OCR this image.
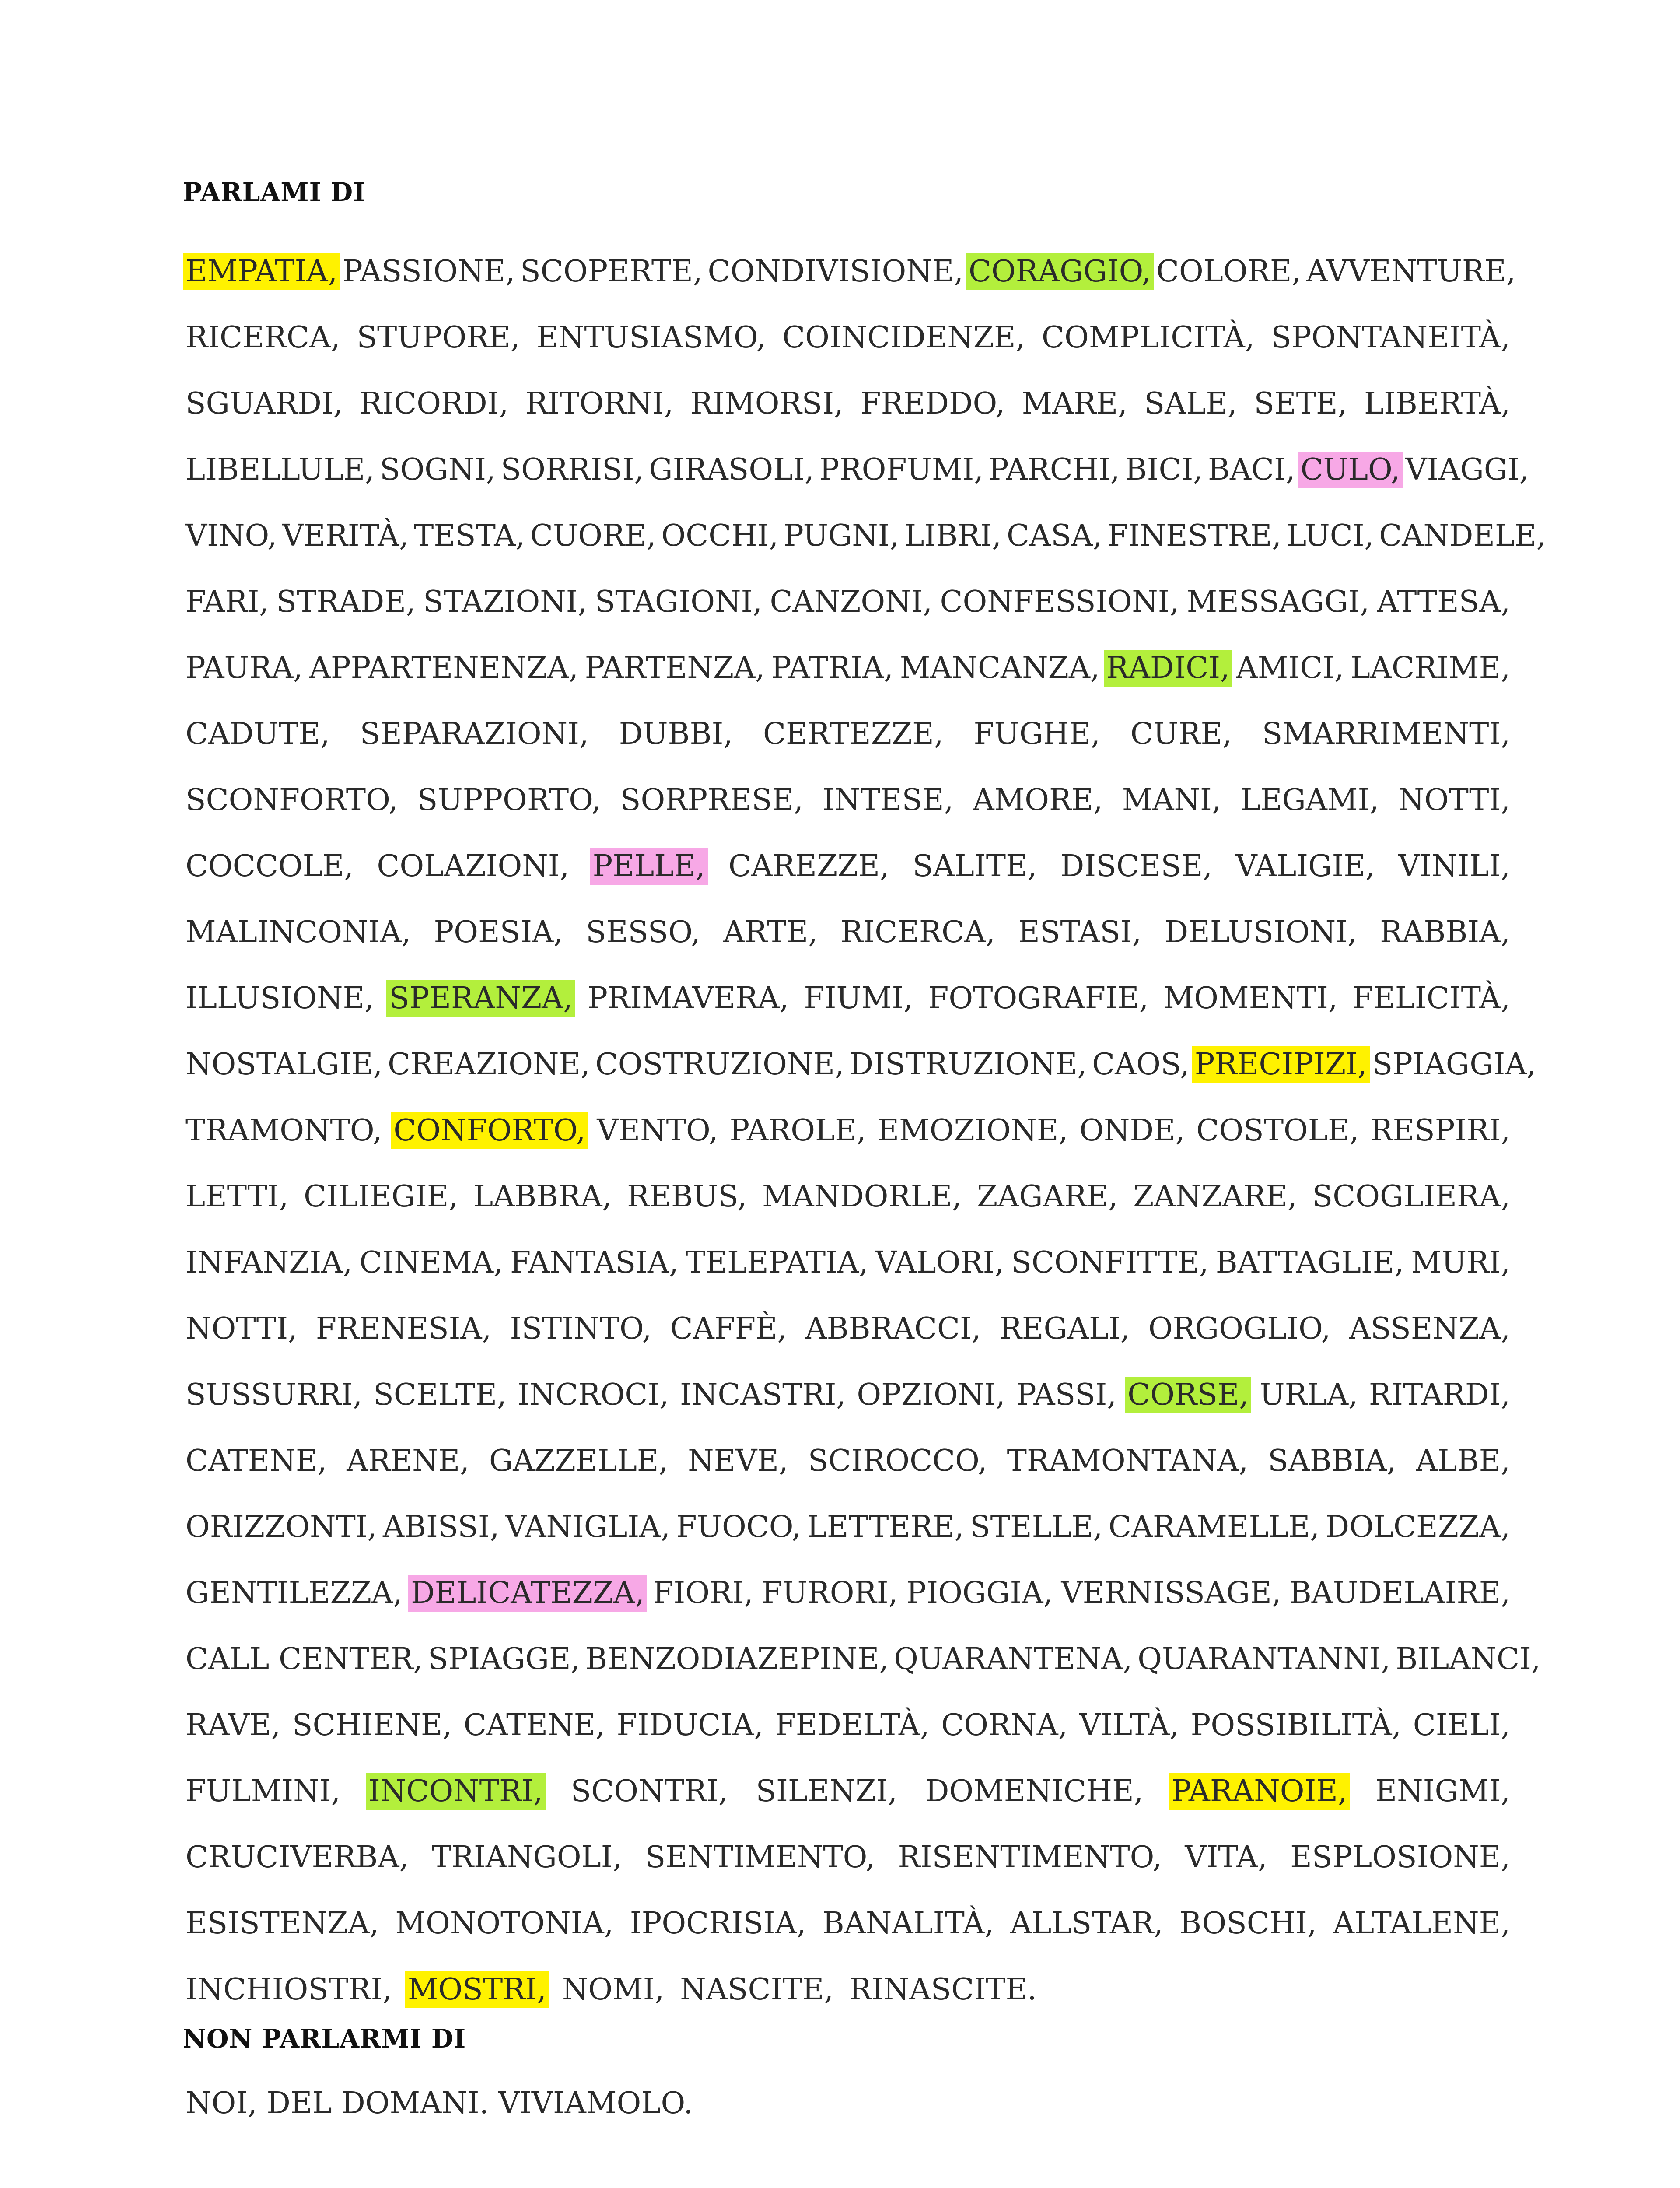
PARLAMI DI
EMPATIA, PASSIONE, SCOPERTE, CONDIVISIONE, CORAGGIO, COLORE, AVVENTURE,
RICERCA, STUPORE, ENTUSIASMO, COINCIDENZE, COMPLICITÀ, SPONTANEITÀ,
SGUARDI, RICORDI, RITORNI, RIMORSI, FREDDO, MARE, SALE, SETE, LIBERTÀ,
LIBELLULE, SOGNI, SORRISI, GIRASOLI, PROFUMI, PARCHI, BICI, BACI, CULO, VIAGGI,
VINO, VERITÀ, TESTA, CUORE, OCCHI, PUGNI, LIBRI, CASA, FINESTRE, LUCI, CANDELE,
FARI, STRADE, STAZIONI, STAGIONI, CANZONI, CONFESSIONI, MESSAGGI, ATTESA,
PAURA, APPARTENENZA, PARTENZA, PATRIA, MANCANZA, RADICI, AMICI, LACRIME,
CADUTE, SEPARAZIONI, DUBBI, CERTEZZE, FUGHE, CURE, SMARRIMENTI,
SCONFORTO, SUPPORTO, SORPRESE, INTESE, AMORE, MANI, LEGAMI, NOTTI,
COCCOLE, COLAZIONI, PELLE, CAREZZE, SALITE, DISCESE, VALIGIE, VINILI,
MALINCONIA, POESIA, SESSO, ARTE, RICERCA, ESTASI, DELUSIONI, RABBIA,
ILLUSIONE, SPERANZA, PRIMAVERA, FIUMI, FOTOGRAFIE, MOMENTI, FELICITÀ,
NOSTALGIE, CREAZIONE, COSTRUZIONE, DISTRUZIONE, CAOS, PRECIPIZI, SPIAGGIA,
TRAMONTO, CONFORTO, VENTO, PAROLE, EMOZIONE, ONDE, COSTOLE, RESPIRI,
LETTI, CILIEGIE, LABBRA, REBUS, MANDORLE, ZAGARE, ZANZARE, SCOGLIERA,
INFANZIA, CINEMA, FANTASIA, TELEPATIA, VALORI, SCONFITTE, BATTAGLIE, MURI,
NOTTI, FRENESIA, ISTINTO, CAFFÈ, ABBRACCI, REGALI, ORGOGLIO, ASSENZA,
SUSSURRI, SCELTE, INCROCI, INCASTRI, OPZIONI, PASSI, CORSE, URLA, RITARDI,
CATENE, ARENE, GAZZELLE, NEVE, SCIROCCO, TRAMONTANA, SABBIA, ALBE,
ORIZZONTI, ABISSI, VANIGLIA, FUOCO, LETTERE, STELLE, CARAMELLE, DOLCEZZA,
GENTILEZZA, DELICATEZZA, FIORI, FURORI, PIOGGIA, VERNISSAGE, BAUDELAIRE,
CALL CENTER, SPIAGGE, BENZODIAZEPINE, QUARANTENA, QUARANTANNI, BILANCI,
RAVE, SCHIENE, CATENE, FIDUCIA, FEDELTÀ, CORNA, VILTÀ, POSSIBILITÀ, CIELI,
FULMINI, INCONTRI, SCONTRI, SILENZI, DOMENICHE, PARANOIE, ENIGMI,
CRUCIVERBA, TRIANGOLI, SENTIMENTO, RISENTIMENTO, VITA, ESPLOSIONE,
ESISTENZA, MONOTONIA, IPOCRISIA, BANALITÀ, ALLSTAR, BOSCHI, ALTALENE,
INCHIOSTRI, MOSTRI, NOMI, NASCITE, RINASCITE.
NON PARLARMI DI
NOI, DEL DOMANI. VIVIAMOLO.
